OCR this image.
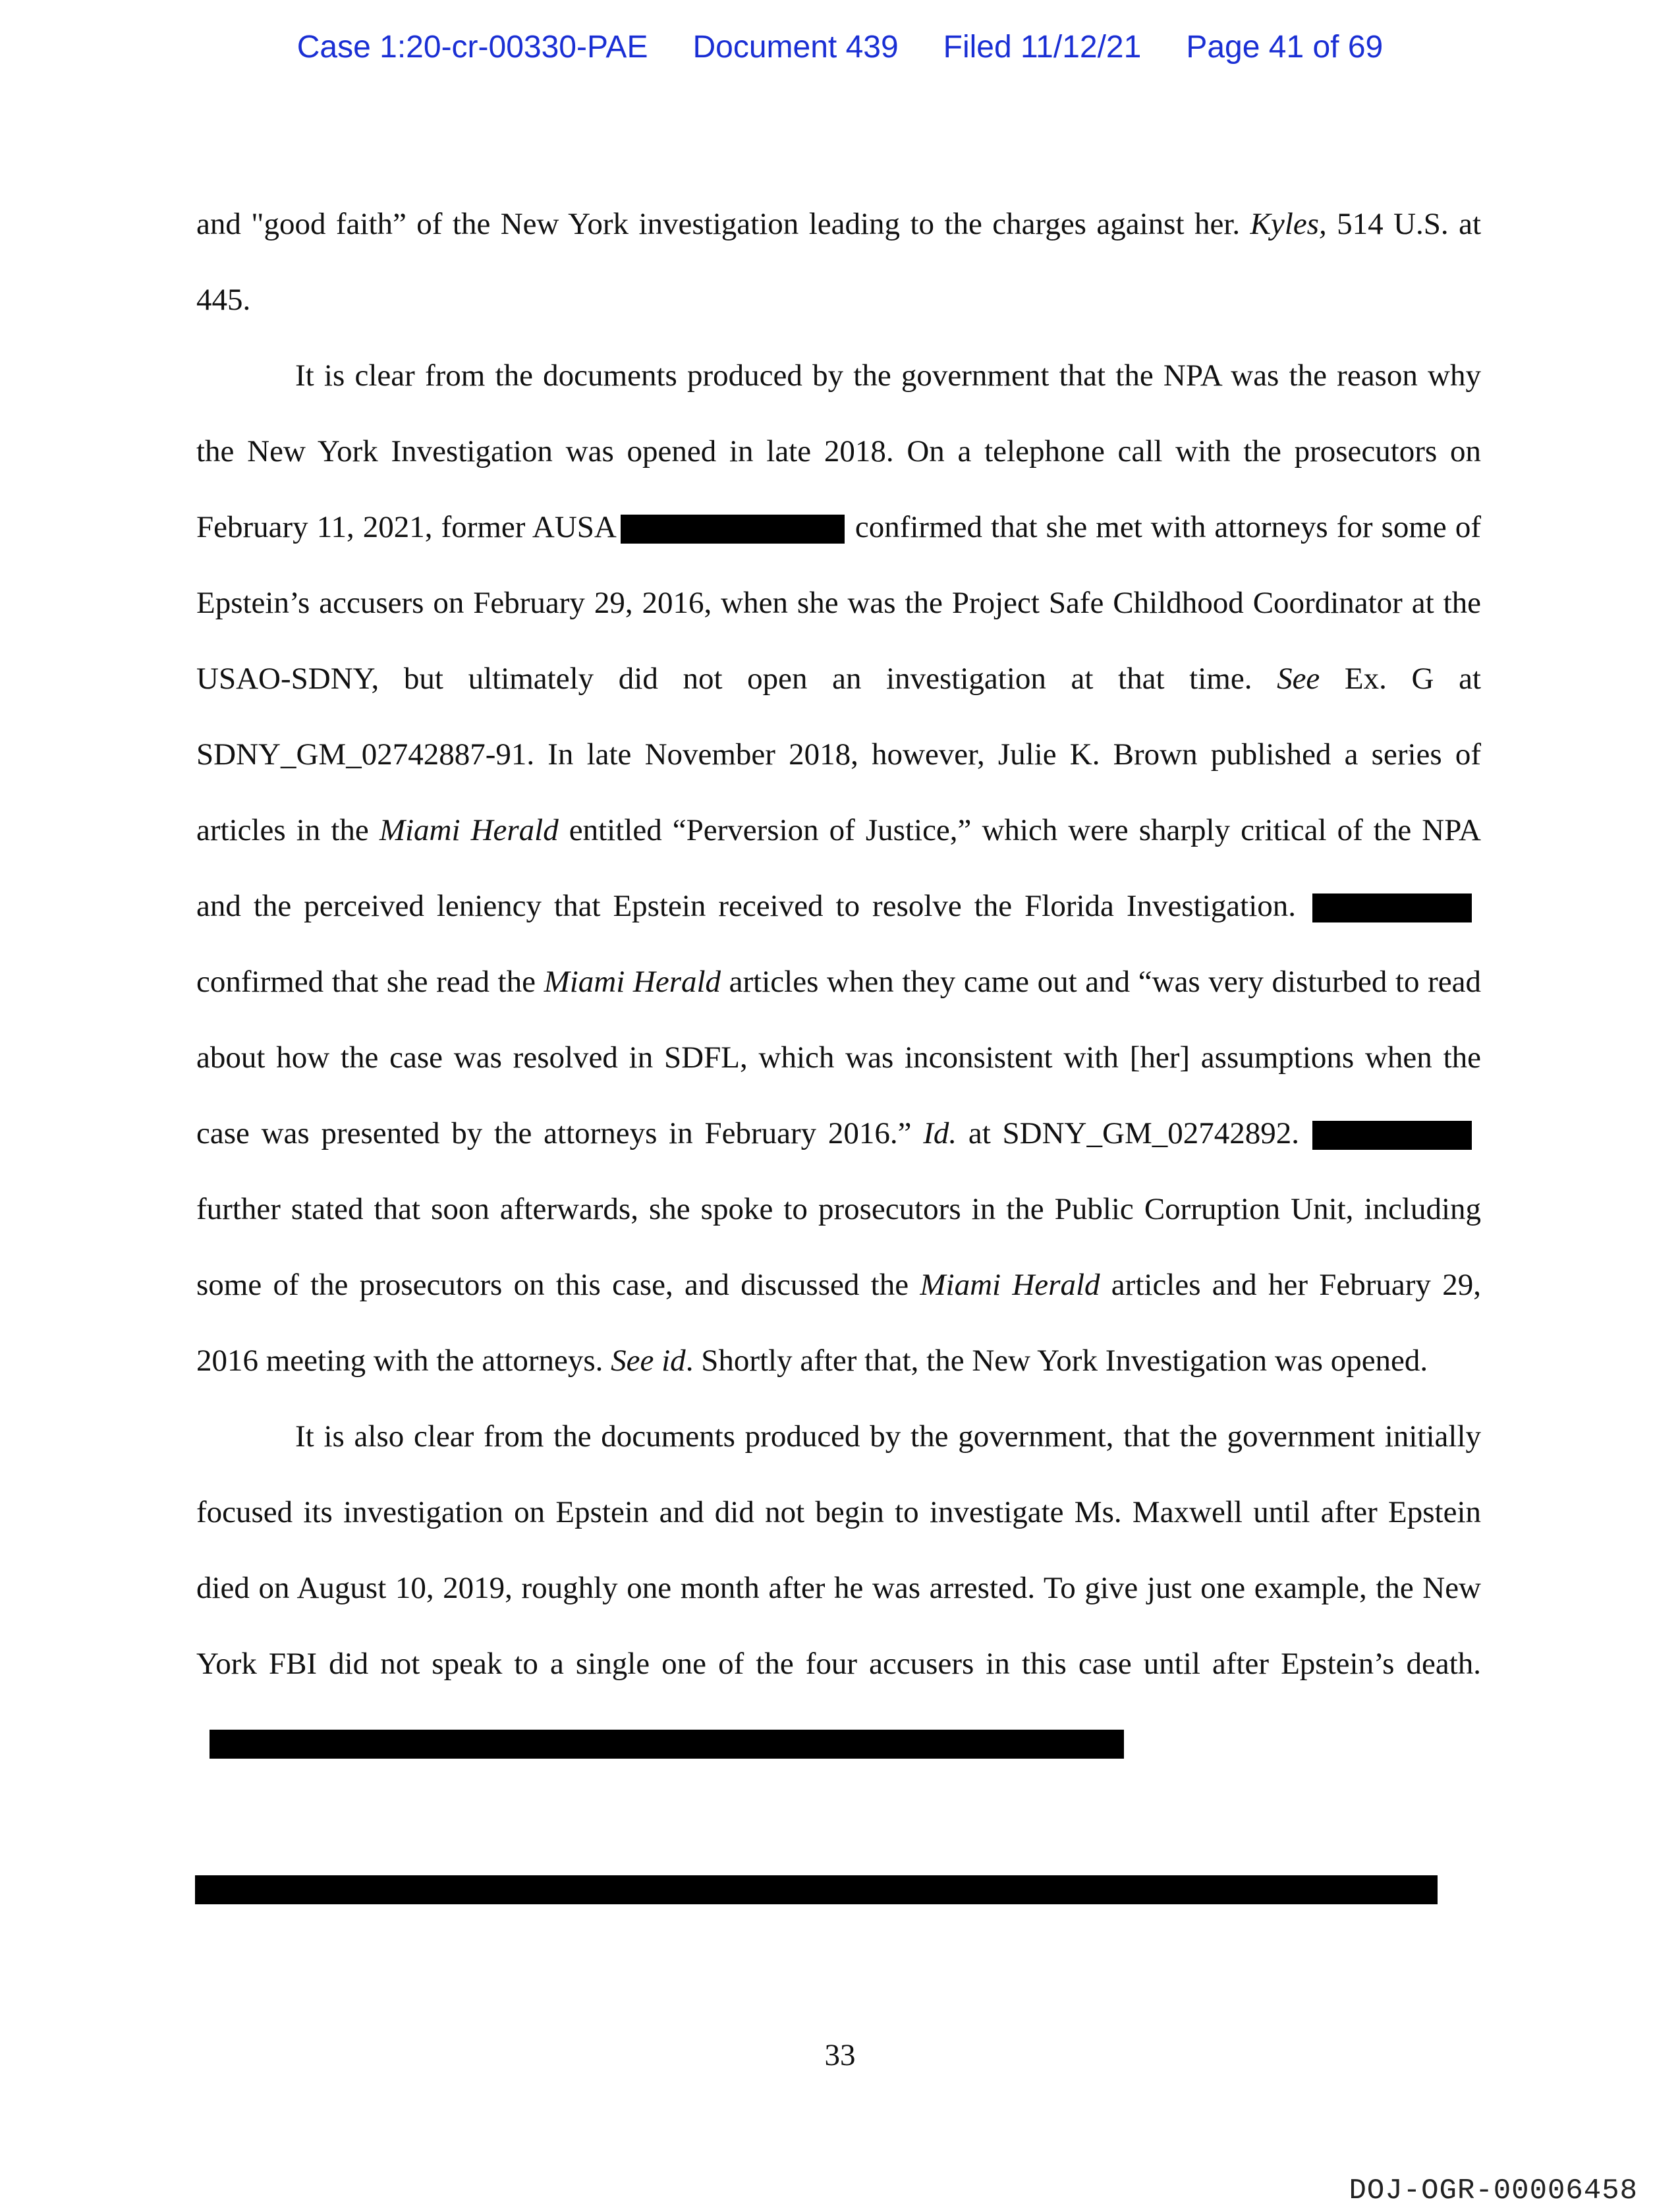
Case 1:20-cr-00330-PAE Document 439 Filed 11/12/21 Page 41 of 69

and "good faith” of the New York investigation leading to the charges against her. Kyles, 514 U.S. at 445.

It is clear from the documents produced by the government that the NPA was the reason why the New York Investigation was opened in late 2018. On a telephone call with the prosecutors on February 11, 2021, former AUSA	confirmed that she met with attorneys for some of Epstein’s accusers on February 29, 2016, when she was the Project Safe Childhood Coordinator at the USAO-SDNY, but ultimately did not open an investigation at that time. See Ex. G at SDNY_GM_02742887-91. In late November 2018, however, Julie K. Brown published a series of articles in the Miami Herald entitled “Perversion of Justice,” which were sharply critical of the NPA and the perceived leniency that Epstein received to resolve the Florida Investigation. confirmed that she read the Miami Herald articles when they came out and “was very disturbed to read about how the case was resolved in SDFL, which was inconsistent with [her] assumptions when the case was presented by the attorneys in February 2016.” Id. at SDNY_GM_02742892.further stated that soon afterwards, she spoke to prosecutors in the Public Corruption Unit, including some of the prosecutors on this case, and discussed the Miami Herald articles and her February 29, 2016 meeting with the attorneys. See id. Shortly after that, the New York Investigation was opened.

It is also clear from the documents produced by the government, that the government initially focused its investigation on Epstein and did not begin to investigate Ms. Maxwell until after Epstein died on August 10, 2019, roughly one month after he was arrested. To give just one example, the New York FBI did not speak to a single one of the four accusers in this case until after Epstein’s death.

33
DOJ-OGR-00006458
